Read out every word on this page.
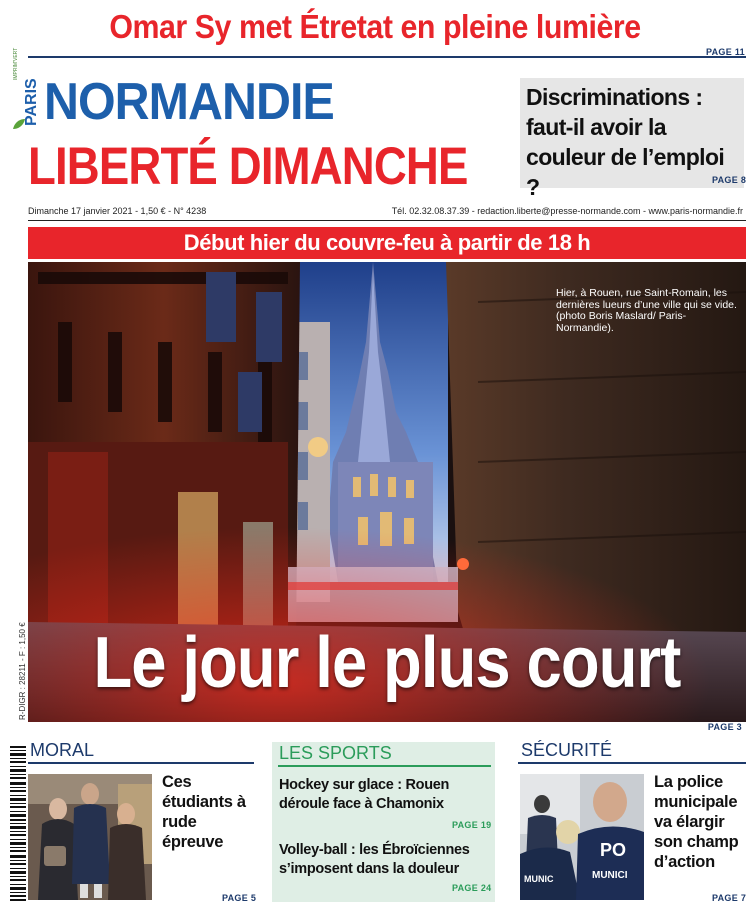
Omar Sy met Étretat en pleine lumière
PAGE 11
IMPRIM'VERT
PARIS NORMANDIE
LIBERTÉ DIMANCHE
Discriminations : faut-il avoir la couleur de l’emploi ?	PAGE 8
Dimanche 17 janvier 2021 - 1,50 € - N° 4238	Tél. 02.32.08.37.39 - redaction.liberte@presse-normande.com - www.paris-normandie.fr
Début hier du couvre-feu à partir de 18 h
Hier, à Rouen, rue Saint-Romain, les dernières lueurs d’une ville qui se vide. (photo Boris Maslard/ Paris-Normandie).
Le jour le plus court
PAGE 3
R-DIGR : 28211 - F : 1,50 €
MORAL
Ces étudiants à rude épreuve
PAGE 5
LES SPORTS
Hockey sur glace : Rouen déroule face à Chamonix
PAGE 19
Volley-ball : les Ébroïciennes s’imposent dans la douleur
PAGE 24
SÉCURITÉ
MUNIC
PO
MUNICI
La police municipale va élargir son champ d’action
PAGE 7
